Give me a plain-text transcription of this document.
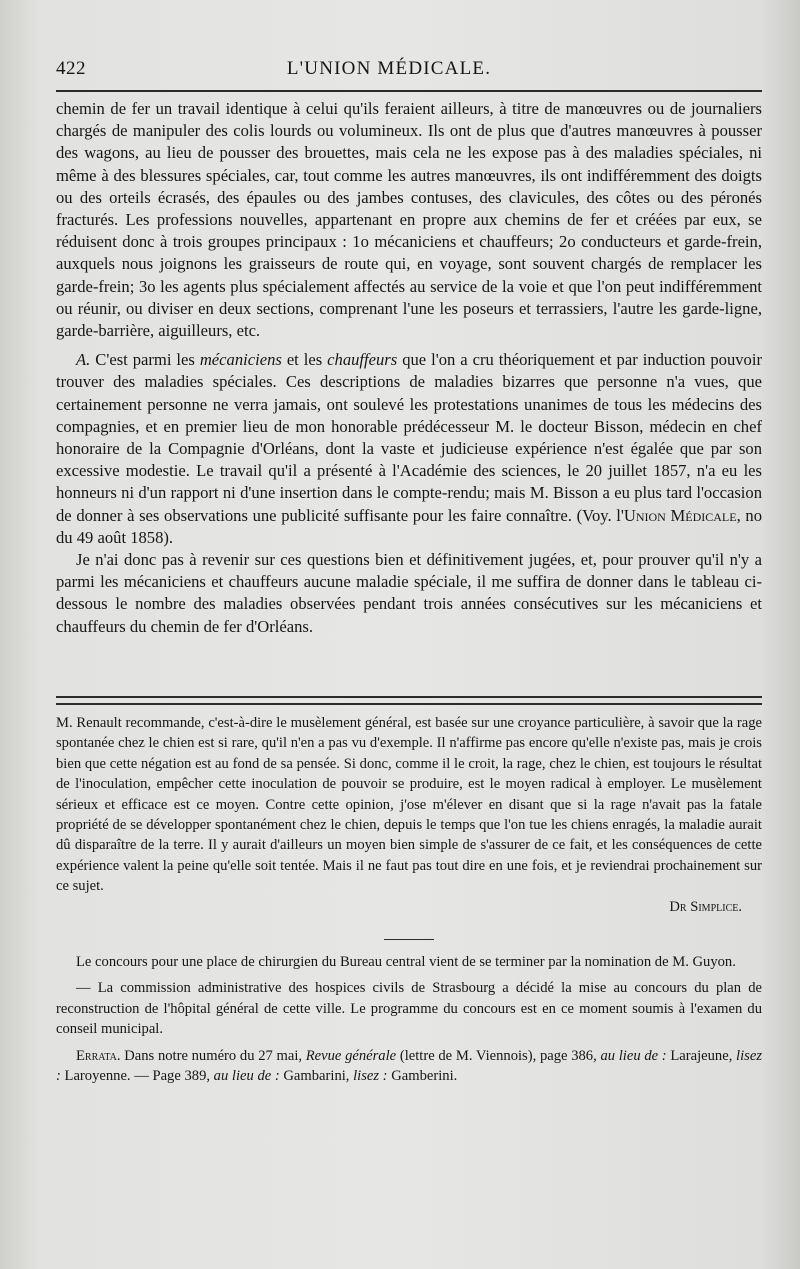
422	L'UNION MÉDICALE.

chemin de fer un travail identique à celui qu'ils feraient ailleurs, à titre de manœuvres ou de journaliers chargés de manipuler des colis lourds ou volumineux. Ils ont de plus que d'autres manœuvres à pousser des wagons, au lieu de pousser des brouettes, mais cela ne les expose pas à des maladies spéciales, ni même à des blessures spéciales, car, tout comme les autres manœuvres, ils ont indifféremment des doigts ou des orteils écrasés, des épaules ou des jambes contuses, des clavicules, des côtes ou des péronés fracturés. Les professions nouvelles, appartenant en propre aux chemins de fer et créées par eux, se réduisent donc à trois groupes principaux : 1o mécaniciens et chauffeurs; 2o conducteurs et garde-frein, auxquels nous joignons les graisseurs de route qui, en voyage, sont souvent chargés de remplacer les garde-frein; 3o les agents plus spécialement affectés au service de la voie et que l'on peut indifféremment ou réunir, ou diviser en deux sections, comprenant l'une les poseurs et terrassiers, l'autre les garde-ligne, garde-barrière, aiguilleurs, etc.

A. C'est parmi les mécaniciens et les chauffeurs que l'on a cru théoriquement et par induction pouvoir trouver des maladies spéciales. Ces descriptions de maladies bizarres que personne n'a vues, que certainement personne ne verra jamais, ont soulevé les protestations unanimes de tous les médecins des compagnies, et en premier lieu de mon honorable prédécesseur M. le docteur Bisson, médecin en chef honoraire de la Compagnie d'Orléans, dont la vaste et judicieuse expérience n'est égalée que par son excessive modestie. Le travail qu'il a présenté à l'Académie des sciences, le 20 juillet 1857, n'a eu les honneurs ni d'un rapport ni d'une insertion dans le compte-rendu; mais M. Bisson a eu plus tard l'occasion de donner à ses observations une publicité suffisante pour les faire connaître. (Voy. l'Union Médicale, no du 49 août 1858).

Je n'ai donc pas à revenir sur ces questions bien et définitivement jugées, et, pour prouver qu'il n'y a parmi les mécaniciens et chauffeurs aucune maladie spéciale, il me suffira de donner dans le tableau ci-dessous le nombre des maladies observées pendant trois années consécutives sur les mécaniciens et chauffeurs du chemin de fer d'Orléans.

M. Renault recommande, c'est-à-dire le musèlement général, est basée sur une croyance particulière, à savoir que la rage spontanée chez le chien est si rare, qu'il n'en a pas vu d'exemple. Il n'affirme pas encore qu'elle n'existe pas, mais je crois bien que cette négation est au fond de sa pensée. Si donc, comme il le croit, la rage, chez le chien, est toujours le résultat de l'inoculation, empêcher cette inoculation de pouvoir se produire, est le moyen radical à employer. Le musèlement sérieux et efficace est ce moyen. Contre cette opinion, j'ose m'élever en disant que si la rage n'avait pas la fatale propriété de se développer spontanément chez le chien, depuis le temps que l'on tue les chiens enragés, la maladie aurait dû disparaître de la terre. Il y aurait d'ailleurs un moyen bien simple de s'assurer de ce fait, et les conséquences de cette expérience valent la peine qu'elle soit tentée. Mais il ne faut pas tout dire en une fois, et je reviendrai prochainement sur ce sujet.

Dr Simplice.

Le concours pour une place de chirurgien du Bureau central vient de se terminer par la nomination de M. Guyon.

— La commission administrative des hospices civils de Strasbourg a décidé la mise au concours du plan de reconstruction de l'hôpital général de cette ville. Le programme du concours est en ce moment soumis à l'examen du conseil municipal.

Errata. Dans notre numéro du 27 mai, Revue générale (lettre de M. Viennois), page 386, au lieu de : Larajeune, lisez : Laroyenne. — Page 389, au lieu de : Gambarini, lisez : Gamberini.
